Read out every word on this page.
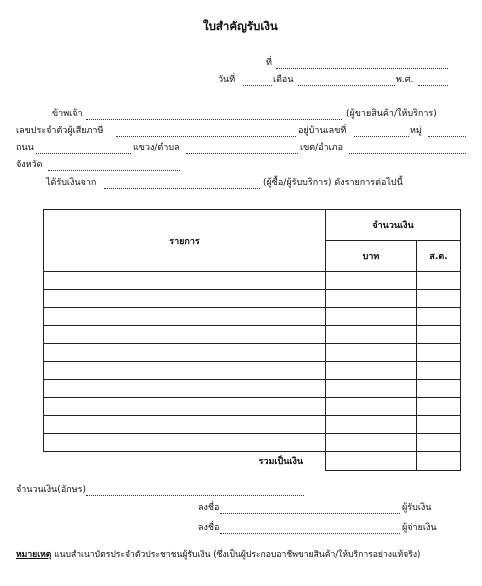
ใบสำคัญรับเงิน
ที่
วันที่	เดือน	พ.ศ.
ข้าพเจ้า	(ผู้ขายสินค้า/ให้บริการ)
เลขประจำตัวผู้เสียภาษี	อยู่บ้านเลขที่	หมู่
ถนน	แขวง/ตำบล	เขต/อำเภอ
จังหวัด
ได้รับเงินจาก	(ผู้ซื้อ/ผู้รับบริการ) ดังรายการต่อไปนี้
รายการ	จำนวนเงิน	
	บาท	ส.ต.

รวมเป็นเงิน		
จำนวนเงิน(อักษร)
ลงชื่อ	ผู้รับเงิน
ลงชื่อ	ผู้จ่ายเงิน
หมายเหตุ แนบสำเนาบัตรประจำตัวประชาชนผู้รับเงิน (ซึ่งเป็นผู้ประกอบอาชีพขายสินค้า/ให้บริการอย่างแท้จริง)
